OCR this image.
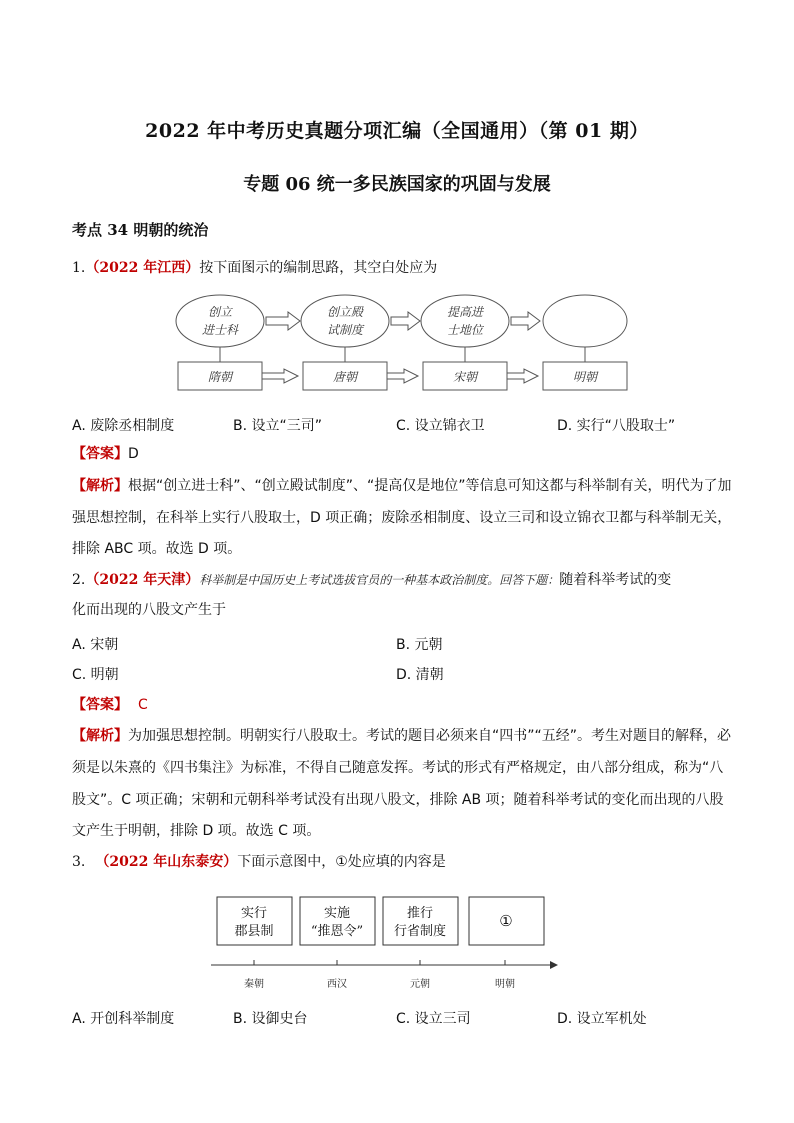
2022 年中考历史真题分项汇编（全国通用）（第 01 期）
专题 06 统一多民族国家的巩固与发展
考点 34 明朝的统治
1.（2022 年江西）按下面图示的编制思路，其空白处应为
创立
进士科
创立殿
试制度
提高进
士地位
隋朝	唐朝	宋朝	明朝
A. 废除丞相制度	B. 设立“三司”	C. 设立锦衣卫	D. 实行“八股取士”
【答案】D
【解析】根据“创立进士科”、“创立殿试制度”、“提高仅是地位”等信息可知这都与科举制有关，明代为了加
强思想控制，在科举上实行八股取士，D 项正确；废除丞相制度、设立三司和设立锦衣卫都与科举制无关，
排除 ABC 项。故选 D 项。
2.（2022 年天津）科举制是中国历史上考试选拔官员的一种基本政治制度。回答下题：随着科举考试的变
化而出现的八股文产生于
A. 宋朝	B. 元朝
C. 明朝	D. 清朝
【答案】 C
【解析】为加强思想控制。明朝实行八股取士。考试的题目必须来自“四书”“五经”。考生对题目的解释，必
须是以朱熹的《四书集注》为标准，不得自己随意发挥。考试的形式有严格规定，由八部分组成，称为“八
股文”。C 项正确；宋朝和元朝科举考试没有出现八股文，排除 AB 项；随着科举考试的变化而出现的八股
文产生于明朝，排除 D 项。故选 C 项。
3. （2022 年山东泰安）下面示意图中，①处应填的内容是
实行
郡县制
实施
“推恩令”
推行
行省制度
①
秦朝	西汉	元朝	明朝
A. 开创科举制度	B. 设御史台	C. 设立三司	D. 设立军机处
